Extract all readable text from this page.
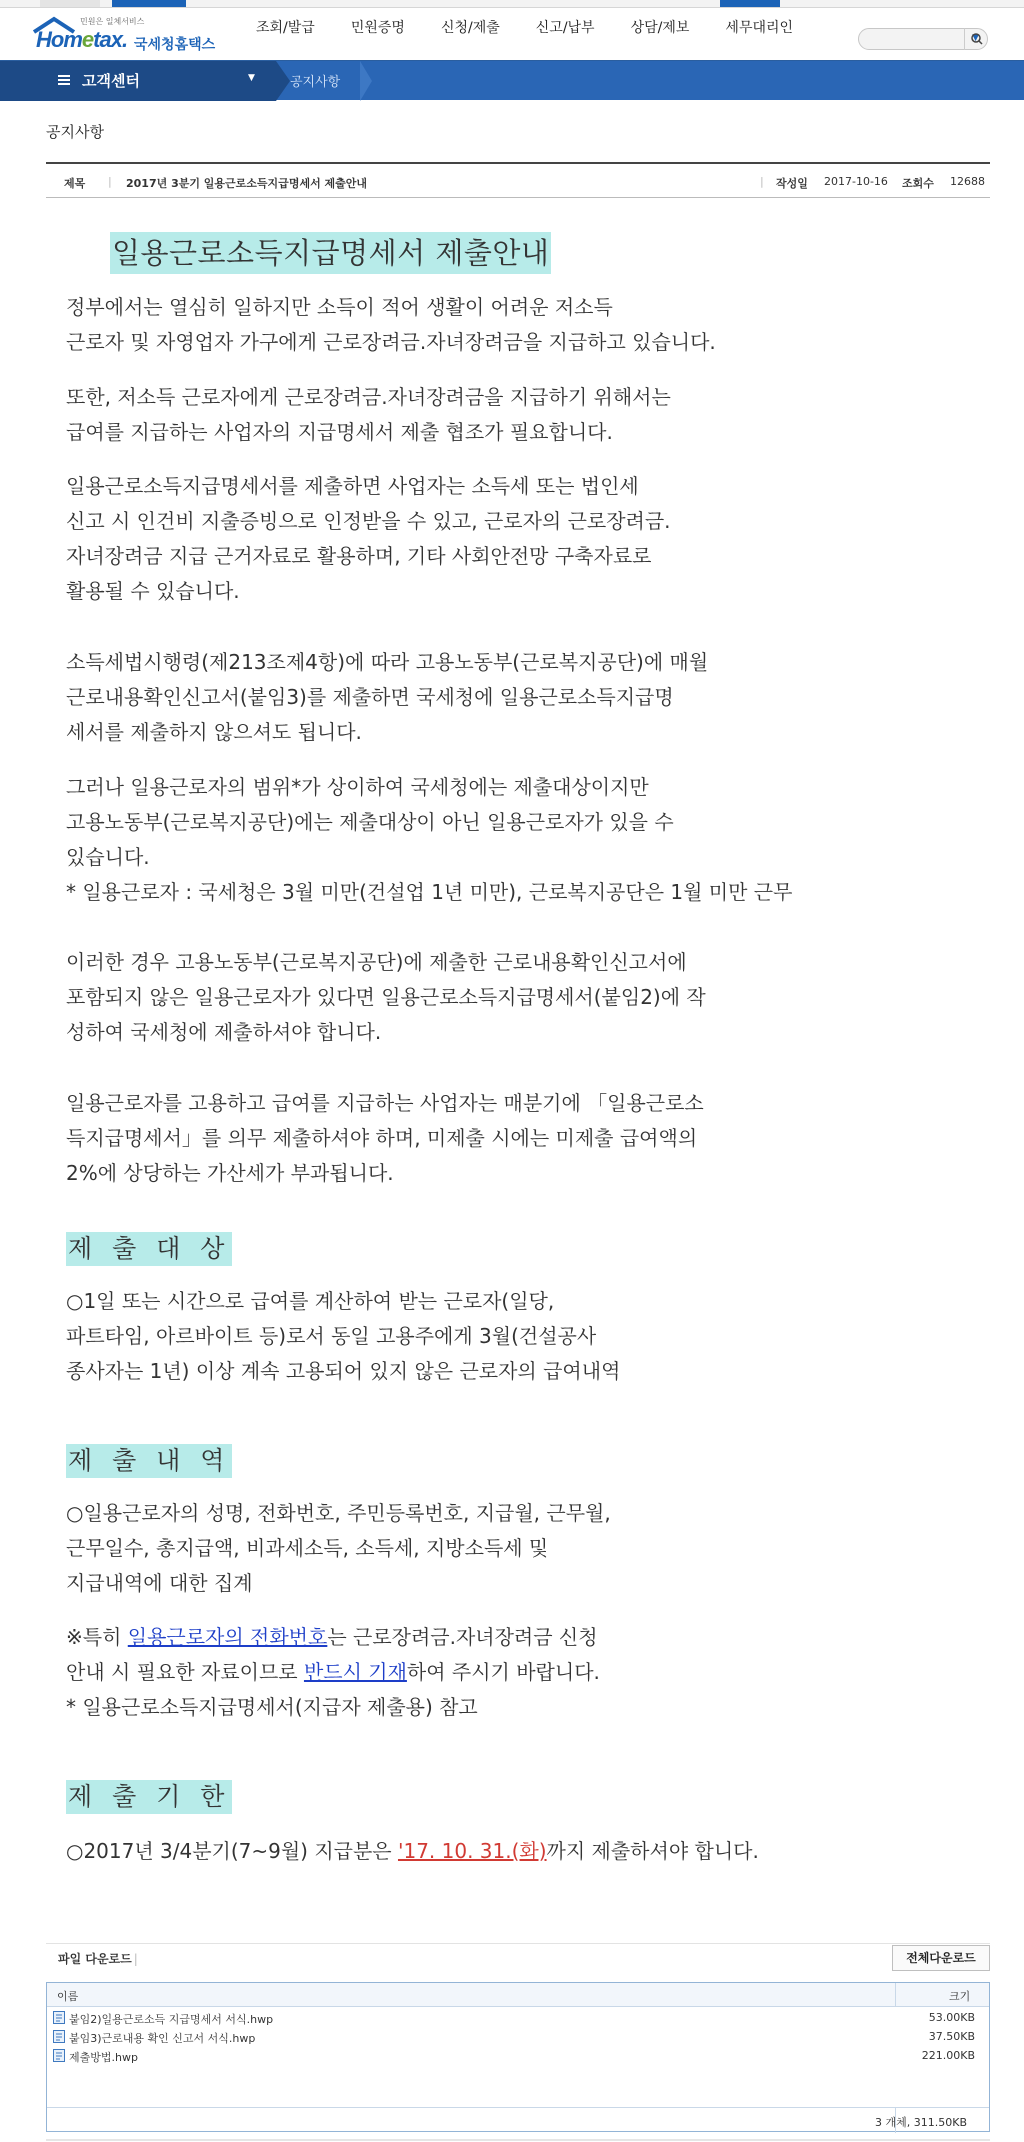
민원은 일체서비스
Hometax. 국세청홈택스
조회/발급	민원증명	신청/제출	신고/납부	상담/제보	세무대리인
▼
고객센터	▼	공지사항
공지사항
제목 | 2017년 3분기 일용근로소득지급명세서 제출안내	| 작성일 2017-10-16 조회수 12688
일용근로소득지급명세서 제출안내
정부에서는 열심히 일하지만 소득이 적어 생활이 어려운 저소득
근로자 및 자영업자 가구에게 근로장려금.자녀장려금을 지급하고 있습니다.
또한, 저소득 근로자에게 근로장려금.자녀장려금을 지급하기 위해서는
급여를 지급하는 사업자의 지급명세서 제출 협조가 필요합니다.
일용근로소득지급명세서를 제출하면 사업자는 소득세 또는 법인세
신고 시 인건비 지출증빙으로 인정받을 수 있고, 근로자의 근로장려금.
자녀장려금 지급 근거자료로 활용하며, 기타 사회안전망 구축자료로
활용될 수 있습니다.
소득세법시행령(제213조제4항)에 따라 고용노동부(근로복지공단)에 매월
근로내용확인신고서(붙임3)를 제출하면 국세청에 일용근로소득지급명
세서를 제출하지 않으셔도 됩니다.
그러나 일용근로자의 범위*가 상이하여 국세청에는 제출대상이지만
고용노동부(근로복지공단)에는 제출대상이 아닌 일용근로자가 있을 수
있습니다.
* 일용근로자 : 국세청은 3월 미만(건설업 1년 미만), 근로복지공단은 1월 미만 근무
이러한 경우 고용노동부(근로복지공단)에 제출한 근로내용확인신고서에
포함되지 않은 일용근로자가 있다면 일용근로소득지급명세서(붙임2)에 작
성하여 국세청에 제출하셔야 합니다.
일용근로자를 고용하고 급여를 지급하는 사업자는 매분기에 「일용근로소
득지급명세서」를 의무 제출하셔야 하며, 미제출 시에는 미제출 급여액의
2%에 상당하는 가산세가 부과됩니다.
제 출 대 상
○1일 또는 시간으로 급여를 계산하여 받는 근로자(일당,
파트타임, 아르바이트 등)로서 동일 고용주에게 3월(건설공사
종사자는 1년) 이상 계속 고용되어 있지 않은 근로자의 급여내역
제 출 내 역
○일용근로자의 성명, 전화번호, 주민등록번호, 지급월, 근무월,
근무일수, 총지급액, 비과세소득, 소득세, 지방소득세 및
지급내역에 대한 집계
※특히 일용근로자의 전화번호는 근로장려금.자녀장려금 신청
안내 시 필요한 자료이므로 반드시 기재하여 주시기 바랍니다.
* 일용근로소득지급명세서(지급자 제출용) 참고
제 출 기 한
○2017년 3/4분기(7~9월) 지급분은 '17. 10. 31.(화)까지 제출하셔야 합니다.
파일 다운로드 |	전체다운로드
이름	크기
붙임2)일용근로소득 지급명세서 서식.hwp	53.00KB
붙임3)근로내용 확인 신고서 서식.hwp	37.50KB
제출방법.hwp	221.00KB
3 개체, 311.50KB
